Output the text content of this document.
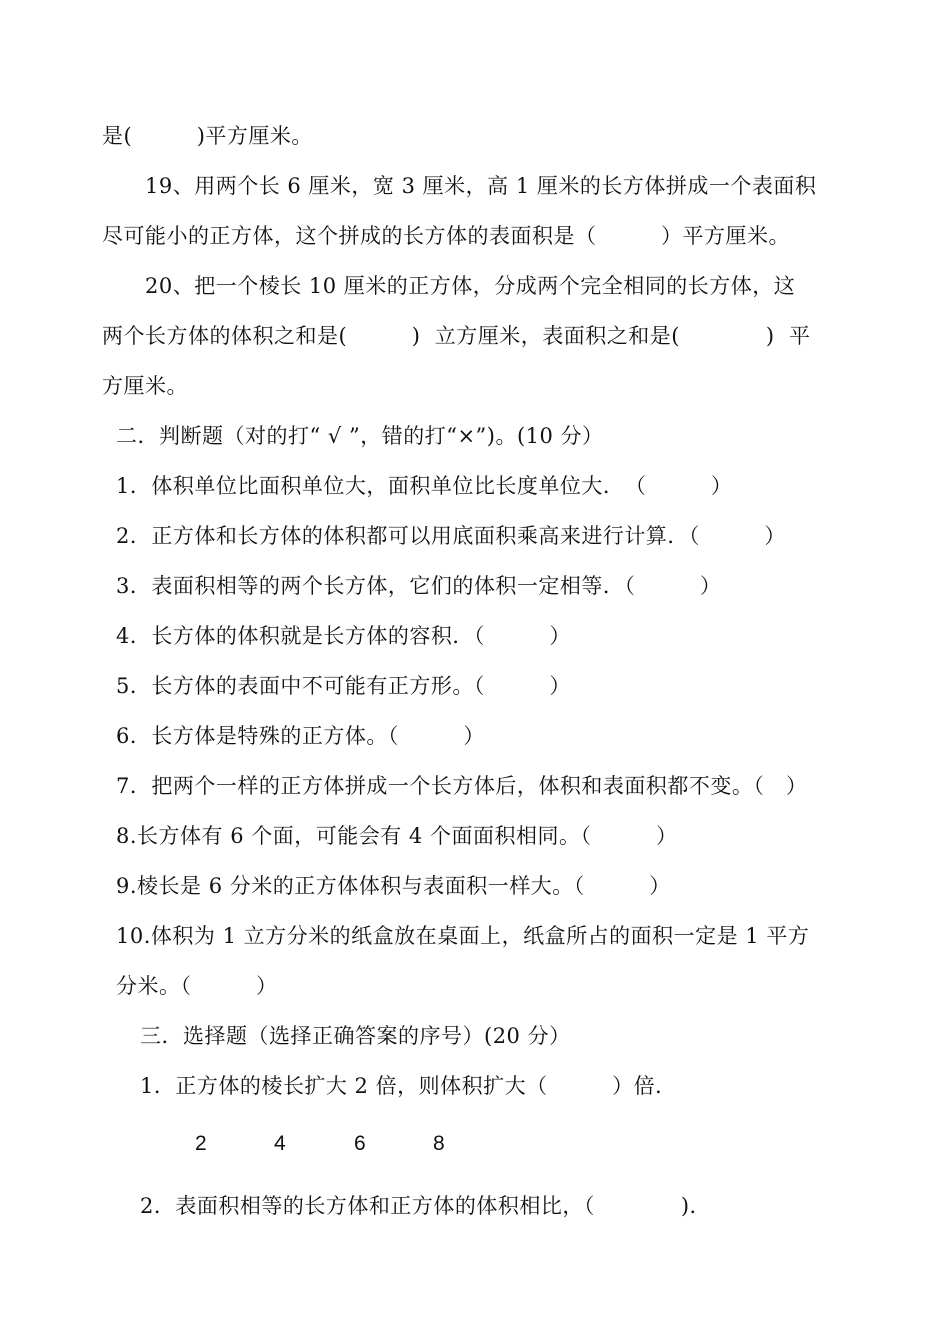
是(　　　)平方厘米。
19、用两个长 6 厘米，宽 3 厘米，高 1 厘米的长方体拼成一个表面积
尽可能小的正方体，这个拼成的长方体的表面积是（　　　）平方厘米。
20、把一个棱长 10 厘米的正方体，分成两个完全相同的长方体，这
两个长方体的体积之和是(　　　)  立方厘米，表面积之和是(　　　　)  平
方厘米。
二．判断题（对的打“ √ ”，错的打“×”)。(10 分）
1．体积单位比面积单位大，面积单位比长度单位大．　（　　　）
2．正方体和长方体的体积都可以用底面积乘高来进行计算．（　　　）
3．表面积相等的两个长方体，它们的体积一定相等．（　　　）
4．长方体的体积就是长方体的容积．（　　　）
5．长方体的表面中不可能有正方形。（　　　）
6．长方体是特殊的正方体。（　　　）
7．把两个一样的正方体拼成一个长方体后，体积和表面积都不变。（　）
8.长方体有 6 个面，可能会有 4 个面面积相同。（　　　）
9.棱长是 6 分米的正方体体积与表面积一样大。（　　　）
10.体积为 1 立方分米的纸盒放在桌面上，纸盒所占的面积一定是 1 平方
分米。（　　　）
三．选择题（选择正确答案的序号）(20 分）
1．正方体的棱长扩大 2 倍，则体积扩大（　　　）倍．
2	4	6	8
2．表面积相等的长方体和正方体的体积相比，（　　　　)．
